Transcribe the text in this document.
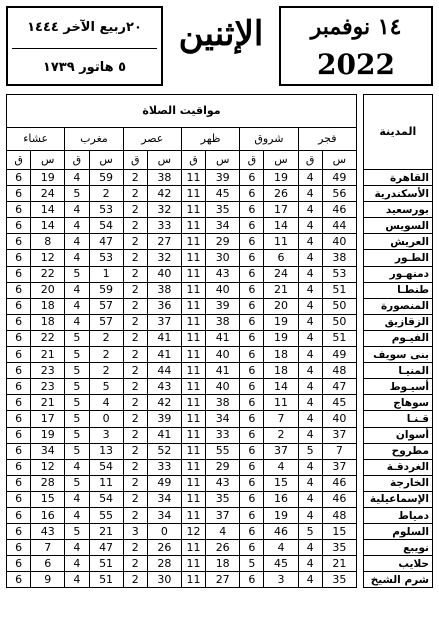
٢٠ربيع الآخر ١٤٤٤
٥ هاتور ١٧٣٩
الإثنين	١٤ نوفمبر
2022
مواقيت الصلاة													المدينة
عشاء		مغرب		عصر		ظهر		شروق		فجر			
ق	س	ق	س	ق	س	ق	س	ق	س	ق	س		
6	19	4	59	2	38	11	39	6	19	4	49		القاهرة
6	24	5	2	2	42	11	45	6	26	4	56		الأسكندرية
6	14	4	53	2	32	11	35	6	17	4	46		بورسعيد
6	14	4	54	2	33	11	34	6	14	4	44		السويس
6	8	4	47	2	27	11	29	6	11	4	40		العريش
6	12	4	53	2	32	11	30	6	6	4	38		الطـور
6	22	5	1	2	40	11	43	6	24	4	53		دمنهـور
6	20	4	59	2	38	11	40	6	21	4	51		طنطـا
6	18	4	57	2	36	11	39	6	20	4	50		المنصورة
6	18	4	57	2	37	11	38	6	19	4	50		الزقازيق
6	22	5	2	2	41	11	41	6	19	4	51		الفيـوم
6	21	5	2	2	41	11	40	6	18	4	49		بنى سويف
6	23	5	2	2	44	11	41	6	18	4	48		المنيـا
6	23	5	5	2	43	11	40	6	14	4	47		أسيـوط
6	21	5	4	2	42	11	38	6	11	4	45		سوهاج
6	17	5	0	2	39	11	34	6	7	4	40		قـنـا
6	19	5	3	2	41	11	33	6	2	4	37		أسوان
6	34	5	13	2	52	11	55	6	37	5	7		مطروح
6	12	4	54	2	33	11	29	6	4	4	37		الغردقـة
6	28	5	11	2	49	11	43	6	15	4	46		الخارجة
6	15	4	54	2	34	11	35	6	16	4	46		الإسماعيلية
6	16	4	55	2	34	11	37	6	19	4	48		دمياط
6	43	5	21	3	0	12	4	6	46	5	15		السلوم
6	7	4	47	2	26	11	26	6	4	4	35		نويبع
6	6	4	51	2	28	11	18	5	45	4	21		حلايب
6	9	4	51	2	30	11	27	6	3	4	35		شرم الشيخ
